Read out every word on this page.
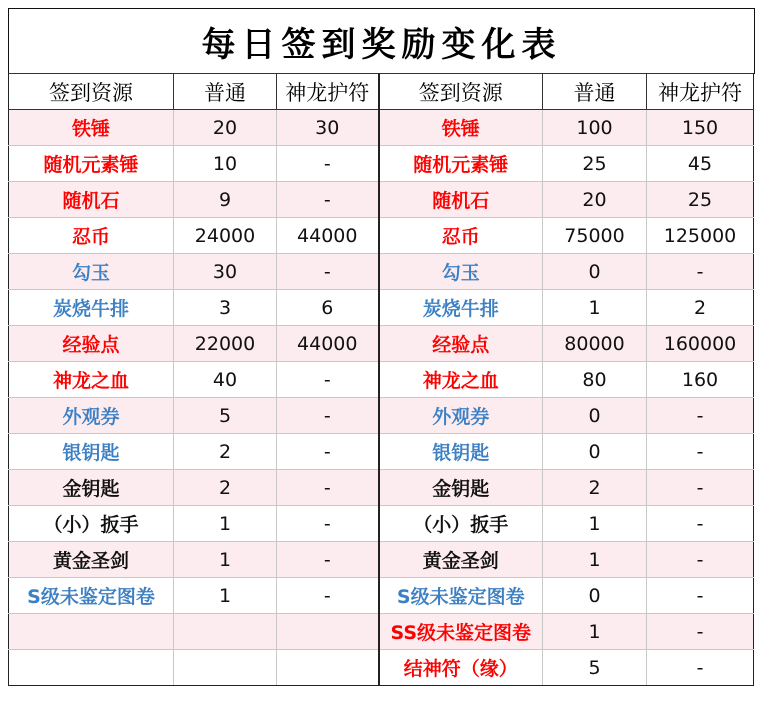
每日签到奖励变化表
签到资源	普通	神龙护符	签到资源	普通	神龙护符
铁锤	20	30	铁锤	100	150
随机元素锤	10	-	随机元素锤	25	45
随机石	9	-	随机石	20	25
忍币	24000	44000	忍币	75000	125000
勾玉	30	-	勾玉	0	-
炭烧牛排	3	6	炭烧牛排	1	2
经验点	22000	44000	经验点	80000	160000
神龙之血	40	-	神龙之血	80	160
外观券	5	-	外观券	0	-
银钥匙	2	-	银钥匙	0	-
金钥匙	2	-	金钥匙	2	-
（小）扳手	1	-	（小）扳手	1	-
黄金圣剑	1	-	黄金圣剑	1	-
S级未鉴定图卷	1	-	S级未鉴定图卷	0	-
			SS级未鉴定图卷	1	-
			结神符（缘）	5	-
